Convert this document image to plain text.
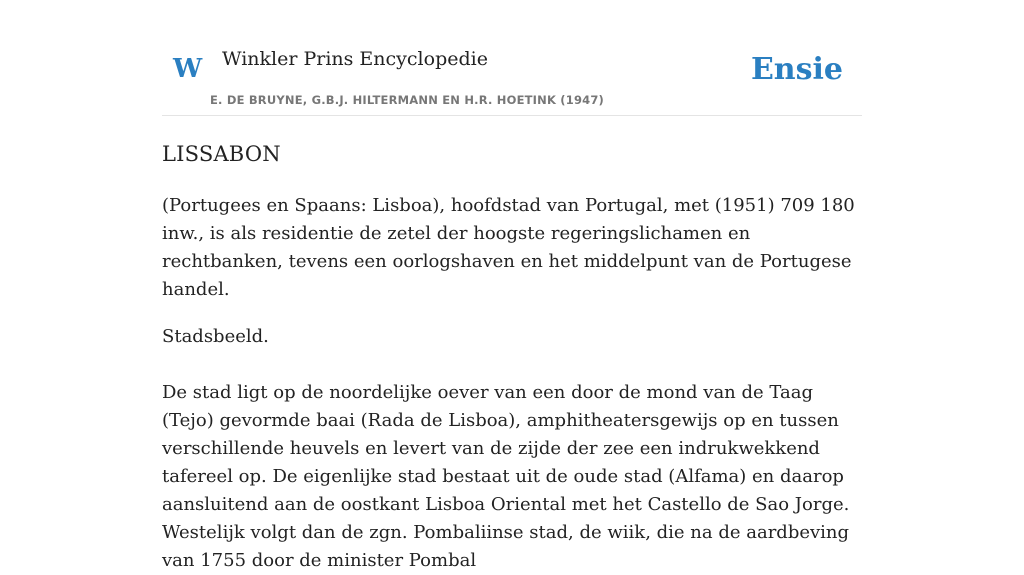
W Winkler Prins Encyclopedie
E. DE BRUYNE, G.B.J. HILTERMANN EN H.R. HOETINK (1947)
Ensie
LISSABON

(Portugees en Spaans: Lisboa), hoofdstad van Portugal, met (1951) 709 180 inw., is als residentie de zetel der hoogste regeringslichamen en rechtbanken, tevens een oorlogshaven en het middelpunt van de Portugese handel.

Stadsbeeld.

De stad ligt op de noordelijke oever van een door de mond van de Taag (Tejo) gevormde baai (Rada de Lisboa), amphitheatersgewijs op en tussen verschillende heuvels en levert van de zijde der zee een indrukwekkend tafereel op. De eigenlijke stad bestaat uit de oude stad (Alfama) en daarop aansluitend aan de oostkant Lisboa Oriental met het Castello de Sao Jorge. Westelijk volgt dan de zgn. Pombaliinse stad, de wiik, die na de aardbeving van 1755 door de minister Pombal
